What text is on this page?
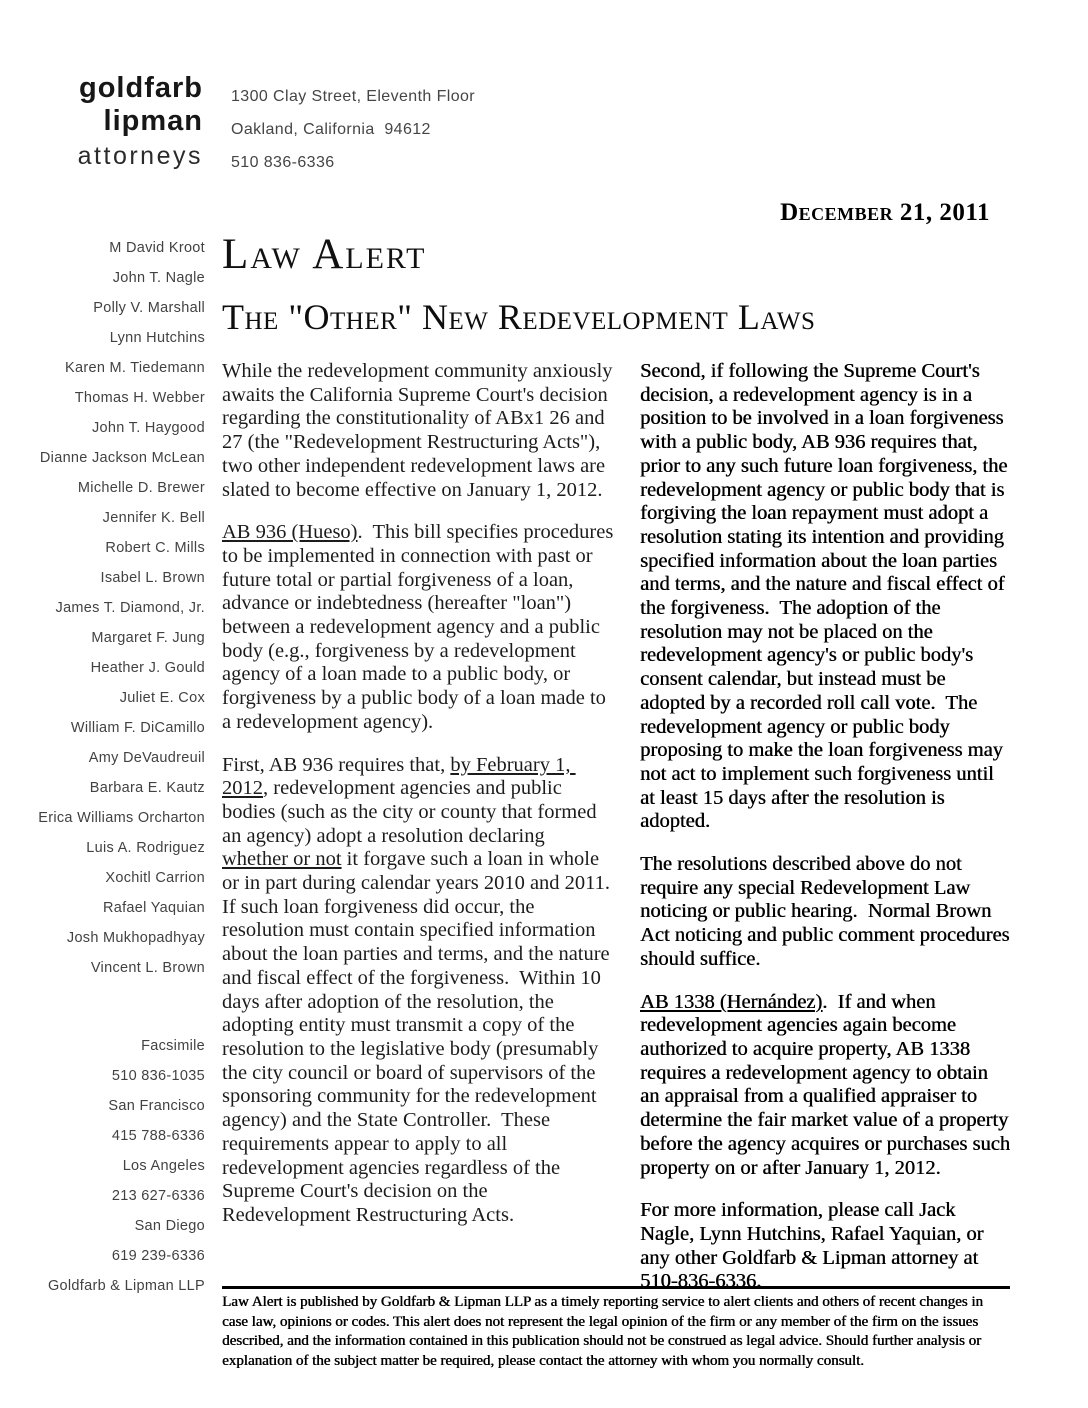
goldfarb
lipman
attorneys
1300 Clay Street, Eleventh Floor
Oakland, California  94612
510 836-6336
M David Kroot
John T. Nagle
Polly V. Marshall
Lynn Hutchins
Karen M. Tiedemann
Thomas H. Webber
John T. Haygood
Dianne Jackson McLean
Michelle D. Brewer
Jennifer K. Bell
Robert C. Mills
Isabel L. Brown
James T. Diamond, Jr.
Margaret F. Jung
Heather J. Gould
Juliet E. Cox
William F. DiCamillo
Amy DeVaudreuil
Barbara E. Kautz
Erica Williams Orcharton
Luis A. Rodriguez
Xochitl Carrion
Rafael Yaquian
Josh Mukhopadhyay
Vincent L. Brown
Facsimile
510 836-1035
San Francisco
415 788-6336
Los Angeles
213 627-6336
San Diego
619 239-6336
Goldfarb & Lipman LLP
December 21, 2011
Law Alert
The "Other" New Redevelopment Laws

While the redevelopment community anxiously awaits the California Supreme Court's decision regarding the constitutionality of ABx1 26 and 27 (the "Redevelopment Restructuring Acts"), two other independent redevelopment laws are slated to become effective on January 1, 2012.

AB 936 (Hueso).  This bill specifies procedures to be implemented in connection with past or future total or partial forgiveness of a loan, advance or indebtedness (hereafter "loan") between a redevelopment agency and a public body (e.g., forgiveness by a redevelopment agency of a loan made to a public body, or forgiveness by a public body of a loan made to a redevelopment agency).

First, AB 936 requires that, by February 1, 2012, redevelopment agencies and public bodies (such as the city or county that formed an agency) adopt a resolution declaring whether or not it forgave such a loan in whole or in part during calendar years 2010 and 2011.  If such loan forgiveness did occur, the resolution must contain specified information about the loan parties and terms, and the nature and fiscal effect of the forgiveness.  Within 10 days after adoption of the resolution, the adopting entity must transmit a copy of the resolution to the legislative body (presumably the city council or board of supervisors of the sponsoring community for the redevelopment agency) and the State Controller.  These requirements appear to apply to all redevelopment agencies regardless of the Supreme Court's decision on the Redevelopment Restructuring Acts.

Second, if following the Supreme Court's decision, a redevelopment agency is in a position to be involved in a loan forgiveness with a public body, AB 936 requires that, prior to any such future loan forgiveness, the redevelopment agency or public body that is forgiving the loan repayment must adopt a resolution stating its intention and providing specified information about the loan parties and terms, and the nature and fiscal effect of the forgiveness.  The adoption of the resolution may not be placed on the redevelopment agency's or public body's consent calendar, but instead must be adopted by a recorded roll call vote.  The redevelopment agency or public body proposing to make the loan forgiveness may not act to implement such forgiveness until at least 15 days after the resolution is adopted.

The resolutions described above do not require any special Redevelopment Law noticing or public hearing.  Normal Brown Act noticing and public comment procedures should suffice.

AB 1338 (Hernández).  If and when redevelopment agencies again become authorized to acquire property, AB 1338 requires a redevelopment agency to obtain an appraisal from a qualified appraiser to determine the fair market value of a property before the agency acquires or purchases such property on or after January 1, 2012.

For more information, please call Jack Nagle, Lynn Hutchins, Rafael Yaquian, or any other Goldfarb & Lipman attorney at 510-836-6336.

Law Alert is published by Goldfarb & Lipman LLP as a timely reporting service to alert clients and others of recent changes in case law, opinions or codes. This alert does not represent the legal opinion of the firm or any member of the firm on the issues described, and the information contained in this publication should not be construed as legal advice. Should further analysis or explanation of the subject matter be required, please contact the attorney with whom you normally consult.
